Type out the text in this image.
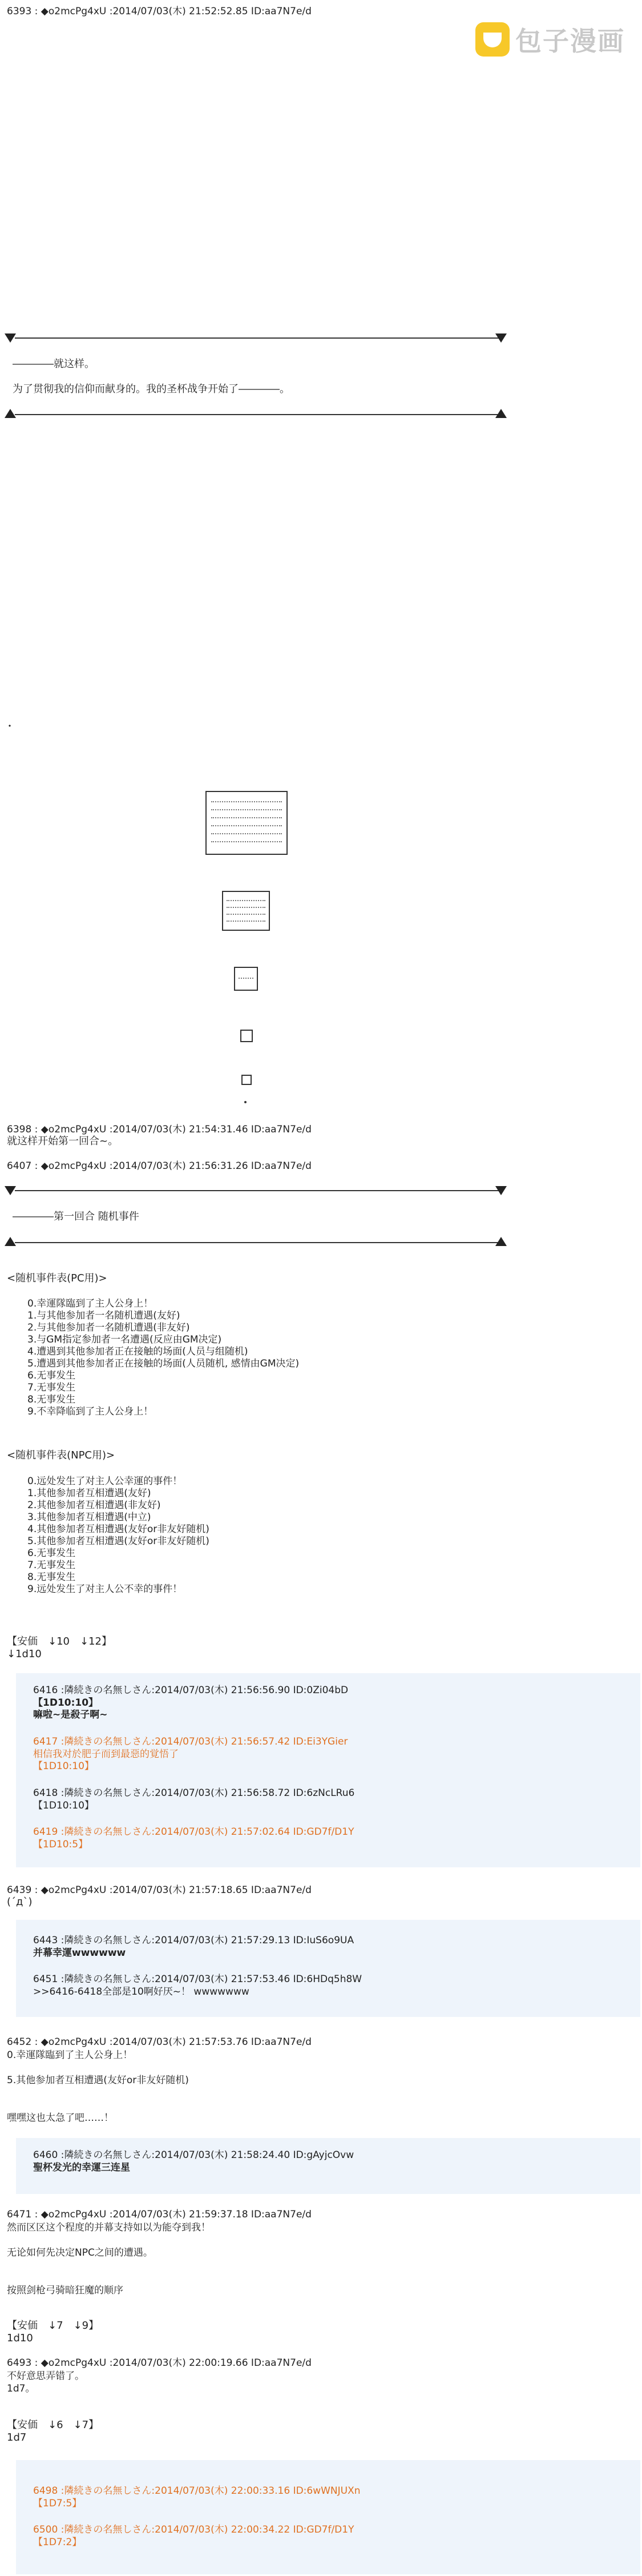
包子漫画
6393 : ◆o2mcPg4xU :2014/07/03(木) 21:52:52.85 ID:aa7N7e/d
――――就这样。
为了贯彻我的信仰而献身的。我的圣杯战争开始了――――。
・
6398 : ◆o2mcPg4xU :2014/07/03(木) 21:54:31.46 ID:aa7N7e/d
就这样开始第一回合~。
6407 : ◆o2mcPg4xU :2014/07/03(木) 21:56:31.26 ID:aa7N7e/d
――――第一回合 随机事件
<随机事件表(PC用)>
0.幸運隊臨到了主人公身上！
1.与其他参加者一名随机遭遇(友好)
2.与其他参加者一名随机遭遇(非友好)
3.与GM指定参加者一名遭遇(反应由GM决定)
4.遭遇到其他参加者正在接触的场面(人员与组随机)
5.遭遇到其他参加者正在接触的场面(人员随机, 感情由GM决定)
6.无事发生
7.无事发生
8.无事发生
9.不幸降临到了主人公身上！
<随机事件表(NPC用)>
0.远处发生了对主人公幸運的事件！
1.其他参加者互相遭遇(友好)
2.其他参加者互相遭遇(非友好)
3.其他参加者互相遭遇(中立)
4.其他参加者互相遭遇(友好or非友好随机)
5.其他参加者互相遭遇(友好or非友好随机)
6.无事发生
7.无事发生
8.无事发生
9.远处发生了对主人公不幸的事件！
【安価　↓10　↓12】
↓1d10
6416 :隣続きの名無しさん:2014/07/03(木) 21:56:56.90 ID:0Zi04bD
【1D10:10】
嘛啦~是殺子啊~
6417 :隣続きの名無しさん:2014/07/03(木) 21:56:57.42 ID:Ei3YGier
相信我对於肥子而到最惡的覚悟了
【1D10:10】
6418 :隣続きの名無しさん:2014/07/03(木) 21:56:58.72 ID:6zNcLRu6
【1D10:10】
6419 :隣続きの名無しさん:2014/07/03(木) 21:57:02.64 ID:GD7f/D1Y
【1D10:5】
6439 : ◆o2mcPg4xU :2014/07/03(木) 21:57:18.65 ID:aa7N7e/d
(´д`)
6443 :隣続きの名無しさん:2014/07/03(木) 21:57:29.13 ID:IuS6o9UA
并幕幸運wwwwww
6451 :隣続きの名無しさん:2014/07/03(木) 21:57:53.46 ID:6HDq5h8W
>>6416-6418全部是10啊好厌~！ wwwwwww
6452 : ◆o2mcPg4xU :2014/07/03(木) 21:57:53.76 ID:aa7N7e/d
0.幸運隊臨到了主人公身上！

5.其他参加者互相遭遇(友好or非友好随机)

嘿嘿这也太急了吧……！
6460 :隣続きの名無しさん:2014/07/03(木) 21:58:24.40 ID:gAyjcOvw
聖杯发光的幸運三连星
6471 : ◆o2mcPg4xU :2014/07/03(木) 21:59:37.18 ID:aa7N7e/d
然而区区这个程度的并幕支持如以为能夺到我！

无论如何先决定NPC之间的遭遇。

按照剑枪弓骑暗狂魔的顺序
【安価　↓7　↓9】
1d10
6493 : ◆o2mcPg4xU :2014/07/03(木) 22:00:19.66 ID:aa7N7e/d
不好意思弄错了。
1d7。
【安価　↓6　↓7】
1d7
6498 :隣続きの名無しさん:2014/07/03(木) 22:00:33.16 ID:6wWNJUXn
【1D7:5】
6500 :隣続きの名無しさん:2014/07/03(木) 22:00:34.22 ID:GD7f/D1Y
【1D7:2】
